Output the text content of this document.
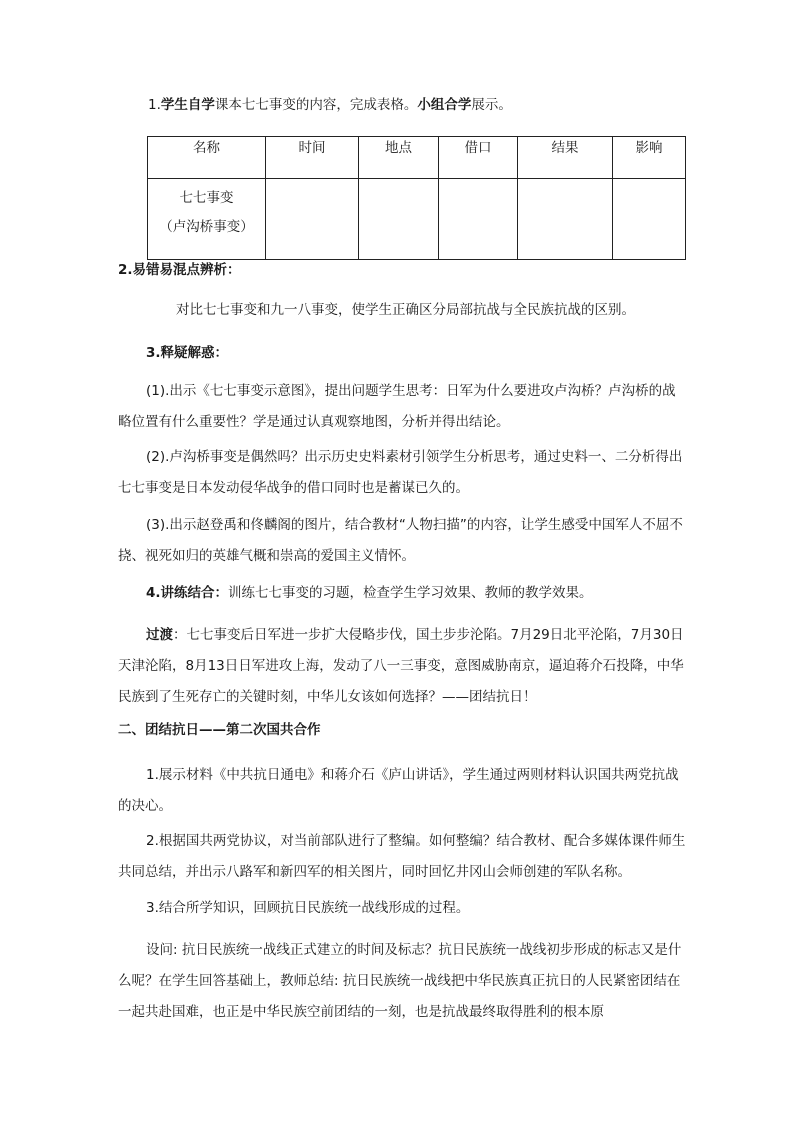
1.学生自学课本七七事变的内容，完成表格。小组合学展示。

名称	时间	地点	借口	结果	影响

七七事变
（卢沟桥事变）					

2.易错易混点辨析：

对比七七事变和九一八事变，使学生正确区分局部抗战与全民族抗战的区别。

3.释疑解惑：

(1).出示《七七事变示意图》，提出问题学生思考：日军为什么要进攻卢沟桥？卢沟桥的战略位置有什么重要性？学是通过认真观察地图，分析并得出结论。

(2).卢沟桥事变是偶然吗？出示历史史料素材引领学生分析思考，通过史料一、二分析得出七七事变是日本发动侵华战争的借口同时也是蓄谋已久的。

(3).出示赵登禹和佟麟阁的图片，结合教材“人物扫描”的内容，让学生感受中国军人不屈不挠、视死如归的英雄气概和崇高的爱国主义情怀。

4.讲练结合：训练七七事变的习题，检查学生学习效果、教师的教学效果。

过渡：七七事变后日军进一步扩大侵略步伐，国土步步沦陷。7月29日北平沦陷，7月30日天津沦陷，8月13日日军进攻上海，发动了八一三事变，意图威胁南京，逼迫蒋介石投降，中华民族到了生死存亡的关键时刻，中华儿女该如何选择？——团结抗日！

二、团结抗日——第二次国共合作

1.展示材料《中共抗日通电》和蒋介石《庐山讲话》，学生通过两则材料认识国共两党抗战的决心。

2.根据国共两党协议，对当前部队进行了整编。如何整编？结合教材、配合多媒体课件师生共同总结，并出示八路军和新四军的相关图片，同时回忆井冈山会师创建的军队名称。

3.结合所学知识，回顾抗日民族统一战线形成的过程。

设问: 抗日民族统一战线正式建立的时间及标志？抗日民族统一战线初步形成的标志又是什么呢？在学生回答基础上，教师总结: 抗日民族统一战线把中华民族真正抗日的人民紧密团结在一起共赴国难，也正是中华民族空前团结的一刻，也是抗战最终取得胜利的根本原
